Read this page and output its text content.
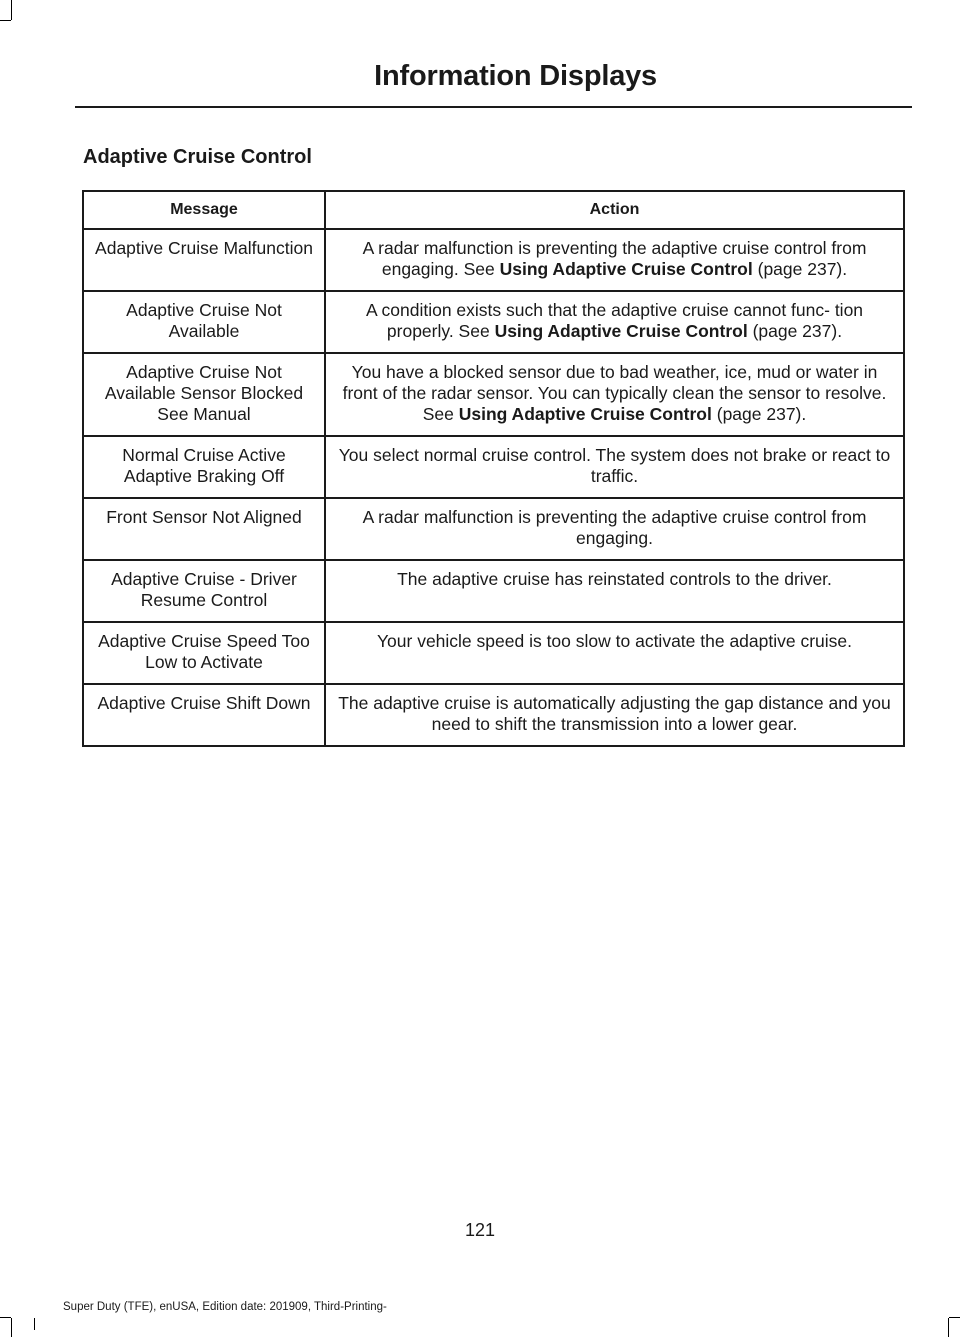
Information Displays
Adaptive Cruise Control
Message	Action
Adaptive Cruise Malfunction	A radar malfunction is preventing the adaptive cruise control from engaging. See Using Adaptive Cruise Control (page 237).
Adaptive Cruise Not Available	A condition exists such that the adaptive cruise cannot func- tion properly. See Using Adaptive Cruise Control (page 237).
Adaptive Cruise Not Available Sensor Blocked See Manual	You have a blocked sensor due to bad weather, ice, mud or water in front of the radar sensor. You can typically clean the sensor to resolve. See Using Adaptive Cruise Control (page 237).
Normal Cruise Active Adaptive Braking Off	You select normal cruise control. The system does not brake or react to traffic.
Front Sensor Not Aligned	A radar malfunction is preventing the adaptive cruise control from engaging.
Adaptive Cruise - Driver Resume Control	The adaptive cruise has reinstated controls to the driver.
Adaptive Cruise Speed Too Low to Activate	Your vehicle speed is too slow to activate the adaptive cruise.
Adaptive Cruise Shift Down	The adaptive cruise is automatically adjusting the gap distance and you need to shift the transmission into a lower gear.
121
Super Duty (TFE), enUSA, Edition date: 201909, Third-Printing-
